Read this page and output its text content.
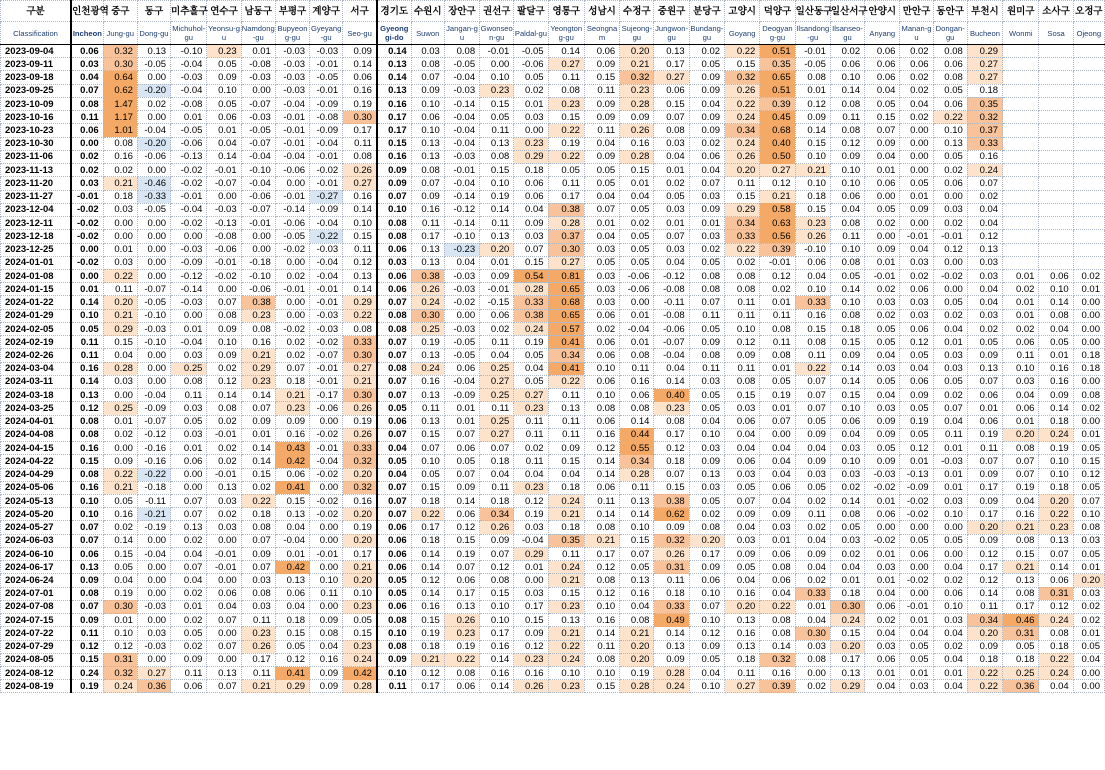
구분	인천광역	중구	동구	미추홀구	연수구	남동구	부평구	계양구	서구	경기도	수원시	장안구	권선구	팔달구	영통구	성남시	수정구	중원구	분당구	고양시	덕양구	일산동구	일산서구	안양시	만안구	동안구	부천시	원미구	소사구	오정구
Classification	Incheon	Jung-gu	Dong-gu	Michuhol-gu	Yeonsu-gu	Namdong-gu	Bupyeong-gu	Gyeyang-gu	Seo-gu	Gyeonggi-do	Suwon	Jangan-gu	Gwonseon-gu	Paldal-gu	Yeongtong-gu	Seongnam	Sujeong-gu	Jungwon-gu	Bundang-gu	Goyang	Deogyang-gu	Ilsandong-gu	Ilsanseo-gu	Anyang	Manan-gu	Dongan-gu	Bucheon	Wonmi	Sosa	Ojeong
2023-09-04	0.06	0.32	0.13	-0.10	0.23	0.01	-0.03	-0.03	0.09	0.14	0.03	0.08	-0.01	-0.05	0.14	0.06	0.20	0.13	0.02	0.22	0.51	-0.01	0.02	0.06	0.02	0.08	0.29			
2023-09-11	0.03	0.30	-0.05	-0.04	0.05	-0.08	-0.03	-0.01	0.14	0.13	0.08	-0.05	0.00	-0.06	0.27	0.09	0.21	0.17	0.05	0.15	0.35	-0.05	0.06	0.06	0.06	0.06	0.27			
2023-09-18	0.04	0.64	0.00	-0.03	0.09	-0.03	-0.03	-0.05	0.06	0.14	0.07	-0.04	0.10	0.05	0.11	0.15	0.32	0.27	0.09	0.32	0.65	0.08	0.10	0.06	0.02	0.08	0.27			
2023-09-25	0.07	0.62	-0.20	-0.04	0.10	0.00	-0.03	-0.01	0.16	0.13	0.09	-0.03	0.23	0.02	0.08	0.11	0.23	0.06	0.09	0.26	0.51	0.01	0.14	0.04	0.02	0.05	0.18			
2023-10-09	0.08	1.47	0.02	-0.08	0.05	-0.07	-0.04	-0.09	0.19	0.16	0.10	-0.14	0.15	0.01	0.23	0.09	0.28	0.15	0.04	0.22	0.39	0.12	0.08	0.05	0.04	0.06	0.35			
2023-10-16	0.11	1.17	0.00	0.01	0.06	-0.03	-0.01	-0.08	0.30	0.17	0.06	-0.04	0.05	0.03	0.15	0.09	0.09	0.07	0.09	0.24	0.45	0.09	0.11	0.15	0.02	0.22	0.32			
2023-10-23	0.06	1.01	-0.04	-0.05	0.01	-0.05	-0.01	-0.09	0.17	0.17	0.10	-0.04	0.11	0.00	0.22	0.11	0.26	0.08	0.09	0.34	0.68	0.14	0.08	0.07	0.00	0.10	0.37			
2023-10-30	0.00	0.08	-0.20	-0.06	0.04	-0.07	-0.01	-0.04	0.11	0.15	0.13	-0.04	0.13	0.23	0.19	0.04	0.16	0.03	0.02	0.24	0.40	0.15	0.12	0.09	0.00	0.13	0.33			
2023-11-06	0.02	0.16	-0.06	-0.13	0.14	-0.04	-0.04	-0.01	0.08	0.16	0.13	-0.03	0.08	0.29	0.22	0.09	0.28	0.04	0.06	0.26	0.50	0.10	0.09	0.04	0.00	0.05	0.16			
2023-11-13	0.02	0.02	0.00	-0.02	-0.01	-0.10	-0.06	-0.02	0.26	0.09	0.08	-0.01	0.15	0.18	0.05	0.05	0.15	0.01	0.04	0.20	0.27	0.21	0.10	0.01	0.00	0.02	0.24			
2023-11-20	0.03	0.21	-0.46	-0.02	-0.07	-0.04	0.00	-0.01	0.27	0.09	0.07	-0.04	0.10	0.06	0.11	0.05	0.01	0.02	0.07	0.11	0.12	0.10	0.10	0.06	0.05	0.06	0.07			
2023-11-27	-0.01	0.18	-0.33	-0.01	0.00	-0.06	-0.01	-0.27	0.16	0.07	0.09	-0.14	0.19	0.06	0.17	0.04	0.04	0.05	0.03	0.15	0.21	0.18	0.06	0.00	0.01	0.00	0.02			
2023-12-04	-0.02	0.03	-0.05	-0.04	-0.03	-0.07	-0.14	-0.09	0.14	0.10	0.16	-0.12	0.14	0.04	0.38	0.07	0.05	0.03	0.09	0.29	0.58	0.15	0.04	0.05	0.09	0.03	0.04			
2023-12-11	-0.02	0.00	0.00	-0.02	-0.13	-0.01	-0.06	-0.04	0.10	0.08	0.11	-0.14	0.11	0.09	0.28	0.01	0.02	0.01	0.01	0.34	0.63	0.23	0.08	0.02	0.00	0.02	0.04			
2023-12-18	-0.02	0.00	0.00	0.00	-0.08	0.00	-0.05	-0.22	0.15	0.08	0.17	-0.10	0.13	0.03	0.37	0.04	0.05	0.07	0.03	0.33	0.56	0.26	0.11	0.00	-0.01	-0.01	0.12			
2023-12-25	0.00	0.01	0.00	-0.03	-0.06	0.00	-0.02	-0.03	0.11	0.06	0.13	-0.23	0.20	0.07	0.30	0.03	0.05	0.03	0.02	0.22	0.39	-0.10	0.10	0.09	0.04	0.12	0.13			
2024-01-01	-0.02	0.03	0.00	-0.09	-0.01	-0.18	0.00	-0.04	0.12	0.03	0.13	0.04	0.01	0.15	0.27	0.05	0.05	0.04	0.05	0.02	-0.01	0.06	0.08	0.01	0.03	0.00	0.03			
2024-01-08	0.00	0.22	0.00	-0.12	-0.02	-0.10	0.02	-0.04	0.13	0.06	0.38	-0.03	0.09	0.54	0.81	0.03	-0.06	-0.12	0.08	0.08	0.12	0.04	0.05	-0.01	0.02	-0.02	0.03	0.01	0.06	0.02
2024-01-15	0.01	0.11	-0.07	-0.14	0.00	-0.06	-0.01	-0.01	0.14	0.06	0.26	-0.03	-0.01	0.28	0.65	0.03	-0.06	-0.08	0.08	0.08	0.02	0.10	0.14	0.02	0.06	0.00	0.04	0.02	0.10	0.01
2024-01-22	0.14	0.20	-0.05	-0.03	0.07	0.38	0.00	-0.01	0.29	0.07	0.24	-0.02	-0.15	0.33	0.68	0.03	0.00	-0.11	0.07	0.11	0.01	0.33	0.10	0.03	0.03	0.05	0.04	0.01	0.14	0.00
2024-01-29	0.10	0.21	-0.10	0.00	0.08	0.23	0.00	-0.03	0.22	0.08	0.30	0.00	0.06	0.38	0.65	0.06	0.01	-0.08	0.11	0.11	0.11	0.16	0.08	0.02	0.03	0.02	0.03	0.01	0.08	0.00
2024-02-05	0.05	0.29	-0.03	0.01	0.09	0.08	-0.02	-0.03	0.08	0.08	0.25	-0.03	0.02	0.24	0.57	0.02	-0.04	-0.06	0.05	0.10	0.08	0.15	0.18	0.05	0.06	0.04	0.02	0.02	0.04	0.00
2024-02-19	0.11	0.15	-0.10	-0.04	0.10	0.16	0.02	-0.02	0.33	0.07	0.19	-0.05	0.11	0.19	0.41	0.06	0.01	-0.07	0.09	0.12	0.11	0.08	0.15	0.05	0.12	0.01	0.05	0.06	0.05	0.00
2024-02-26	0.11	0.04	0.00	0.03	0.09	0.21	0.02	-0.07	0.30	0.07	0.13	-0.05	0.04	0.05	0.34	0.06	0.08	-0.04	0.08	0.09	0.08	0.11	0.09	0.04	0.05	0.03	0.09	0.11	0.01	0.18
2024-03-04	0.16	0.28	0.00	0.25	0.02	0.29	0.07	-0.01	0.27	0.08	0.24	0.06	0.25	0.04	0.41	0.10	0.11	0.04	0.11	0.11	0.01	0.22	0.14	0.03	0.04	0.03	0.13	0.10	0.16	0.18
2024-03-11	0.14	0.03	0.00	0.08	0.12	0.23	0.18	-0.01	0.21	0.07	0.16	-0.04	0.27	0.05	0.22	0.06	0.16	0.14	0.03	0.08	0.05	0.07	0.14	0.05	0.06	0.05	0.07	0.03	0.16	0.00
2024-03-18	0.13	0.00	-0.04	0.11	0.14	0.14	0.21	-0.17	0.30	0.07	0.13	-0.09	0.25	0.27	0.11	0.10	0.06	0.40	0.05	0.15	0.19	0.07	0.15	0.04	0.09	0.02	0.06	0.04	0.09	0.08
2024-03-25	0.12	0.25	-0.09	0.03	0.08	0.07	0.23	-0.06	0.26	0.05	0.11	0.01	0.11	0.23	0.13	0.08	0.08	0.23	0.05	0.03	0.01	0.07	0.10	0.03	0.05	0.07	0.01	0.06	0.14	0.02
2024-04-01	0.08	0.01	-0.07	0.05	0.02	0.09	0.09	0.00	0.19	0.06	0.13	0.01	0.25	0.11	0.11	0.06	0.14	0.08	0.04	0.06	0.07	0.05	0.06	0.09	0.19	0.04	0.06	0.01	0.18	0.00
2024-04-08	0.08	0.02	-0.12	0.03	-0.01	0.01	0.16	-0.02	0.26	0.07	0.15	0.07	0.27	0.11	0.11	0.16	0.44	0.17	0.10	0.04	0.00	0.09	0.04	0.09	0.05	0.11	0.19	0.20	0.24	0.01
2024-04-15	0.16	0.00	-0.16	0.01	0.02	0.14	0.43	-0.01	0.33	0.04	0.07	0.06	0.07	0.02	0.09	0.12	0.55	0.12	0.03	0.04	0.04	0.04	0.03	0.05	0.12	0.01	0.11	0.08	0.19	0.05
2024-04-22	0.15	0.09	-0.16	0.06	0.02	0.14	0.42	-0.04	0.32	0.05	0.10	0.05	0.18	0.11	0.15	0.14	0.34	0.18	0.09	0.06	0.04	0.09	0.10	0.09	0.01	-0.03	0.07	0.07	0.10	0.15
2024-04-29	0.08	0.22	-0.22	0.00	-0.01	0.15	0.06	-0.02	0.20	0.04	0.05	0.07	0.04	0.04	0.04	0.14	0.28	0.07	0.13	0.03	0.04	0.03	0.03	-0.03	-0.13	0.01	0.09	0.07	0.10	0.12
2024-05-06	0.16	0.21	-0.18	0.00	0.13	0.02	0.41	0.00	0.32	0.07	0.15	0.09	0.11	0.23	0.18	0.06	0.11	0.15	0.03	0.05	0.06	0.05	0.02	-0.02	-0.09	0.01	0.17	0.19	0.18	0.05
2024-05-13	0.10	0.05	-0.11	0.07	0.03	0.22	0.15	-0.02	0.16	0.07	0.18	0.14	0.18	0.12	0.24	0.11	0.13	0.38	0.05	0.07	0.04	0.02	0.14	0.01	-0.02	0.03	0.09	0.04	0.20	0.07
2024-05-20	0.10	0.16	-0.21	0.07	0.02	0.18	0.13	-0.02	0.20	0.07	0.22	0.06	0.34	0.19	0.21	0.14	0.14	0.62	0.02	0.09	0.09	0.11	0.08	0.06	-0.02	0.10	0.17	0.16	0.22	0.10
2024-05-27	0.07	0.02	-0.19	0.13	0.03	0.08	0.04	0.00	0.19	0.06	0.17	0.12	0.26	0.03	0.18	0.08	0.10	0.09	0.08	0.04	0.03	0.02	0.05	0.00	0.00	0.00	0.20	0.21	0.23	0.08
2024-06-03	0.07	0.14	0.00	0.02	0.00	0.07	-0.04	0.00	0.20	0.06	0.18	0.15	0.09	-0.04	0.35	0.21	0.15	0.32	0.20	0.03	0.01	0.04	0.03	-0.02	0.05	0.05	0.09	0.08	0.13	0.03
2024-06-10	0.06	0.15	-0.04	0.04	-0.01	0.09	0.01	-0.01	0.17	0.06	0.14	0.19	0.07	0.29	0.11	0.17	0.07	0.26	0.17	0.09	0.06	0.09	0.02	0.01	0.06	0.00	0.12	0.15	0.07	0.05
2024-06-17	0.13	0.05	0.00	0.07	-0.01	0.07	0.42	0.00	0.21	0.06	0.14	0.07	0.12	0.01	0.24	0.12	0.05	0.31	0.09	0.05	0.08	0.04	0.04	0.03	0.00	0.04	0.17	0.21	0.14	0.01
2024-06-24	0.09	0.04	0.00	0.04	0.00	0.03	0.13	0.10	0.20	0.05	0.12	0.06	0.08	0.00	0.21	0.08	0.13	0.11	0.06	0.04	0.06	0.02	0.01	0.01	-0.02	0.02	0.12	0.13	0.06	0.20
2024-07-01	0.08	0.19	0.00	0.02	0.06	0.08	0.06	0.11	0.10	0.05	0.14	0.17	0.15	0.03	0.15	0.12	0.16	0.18	0.10	0.16	0.04	0.33	0.18	0.04	0.00	0.06	0.14	0.08	0.31	0.03
2024-07-08	0.07	0.30	-0.03	0.01	0.04	0.03	0.04	0.00	0.23	0.06	0.16	0.13	0.10	0.17	0.23	0.10	0.04	0.33	0.07	0.20	0.22	0.01	0.30	0.06	-0.01	0.10	0.11	0.17	0.12	0.02
2024-07-15	0.09	0.01	0.00	0.02	0.07	0.11	0.18	0.09	0.05	0.08	0.15	0.26	0.10	0.15	0.13	0.16	0.08	0.49	0.10	0.13	0.08	0.04	0.24	0.02	0.01	0.03	0.34	0.46	0.24	0.02
2024-07-22	0.11	0.10	0.03	0.05	0.00	0.23	0.15	0.08	0.15	0.10	0.19	0.23	0.17	0.09	0.21	0.14	0.21	0.14	0.12	0.16	0.08	0.30	0.15	0.04	0.04	0.04	0.20	0.31	0.08	0.01
2024-07-29	0.12	0.12	-0.03	0.02	0.07	0.26	0.05	0.04	0.23	0.08	0.18	0.19	0.16	0.12	0.22	0.11	0.20	0.13	0.09	0.13	0.14	0.03	0.20	0.03	0.05	0.02	0.09	0.05	0.18	0.05
2024-08-05	0.15	0.31	0.00	0.09	0.00	0.17	0.12	0.16	0.24	0.09	0.21	0.22	0.14	0.23	0.24	0.08	0.20	0.09	0.05	0.18	0.32	0.08	0.17	0.06	0.05	0.04	0.18	0.18	0.22	0.04
2024-08-12	0.24	0.32	0.27	0.11	0.13	0.11	0.41	0.09	0.42	0.10	0.12	0.08	0.16	0.16	0.10	0.10	0.19	0.28	0.04	0.11	0.16	0.00	0.13	0.01	0.01	0.01	0.22	0.25	0.24	0.00
2024-08-19	0.19	0.24	0.36	0.06	0.07	0.21	0.29	0.09	0.28	0.11	0.17	0.06	0.14	0.26	0.23	0.15	0.28	0.24	0.10	0.27	0.39	0.02	0.29	0.04	0.03	0.04	0.22	0.36	0.04	0.00
